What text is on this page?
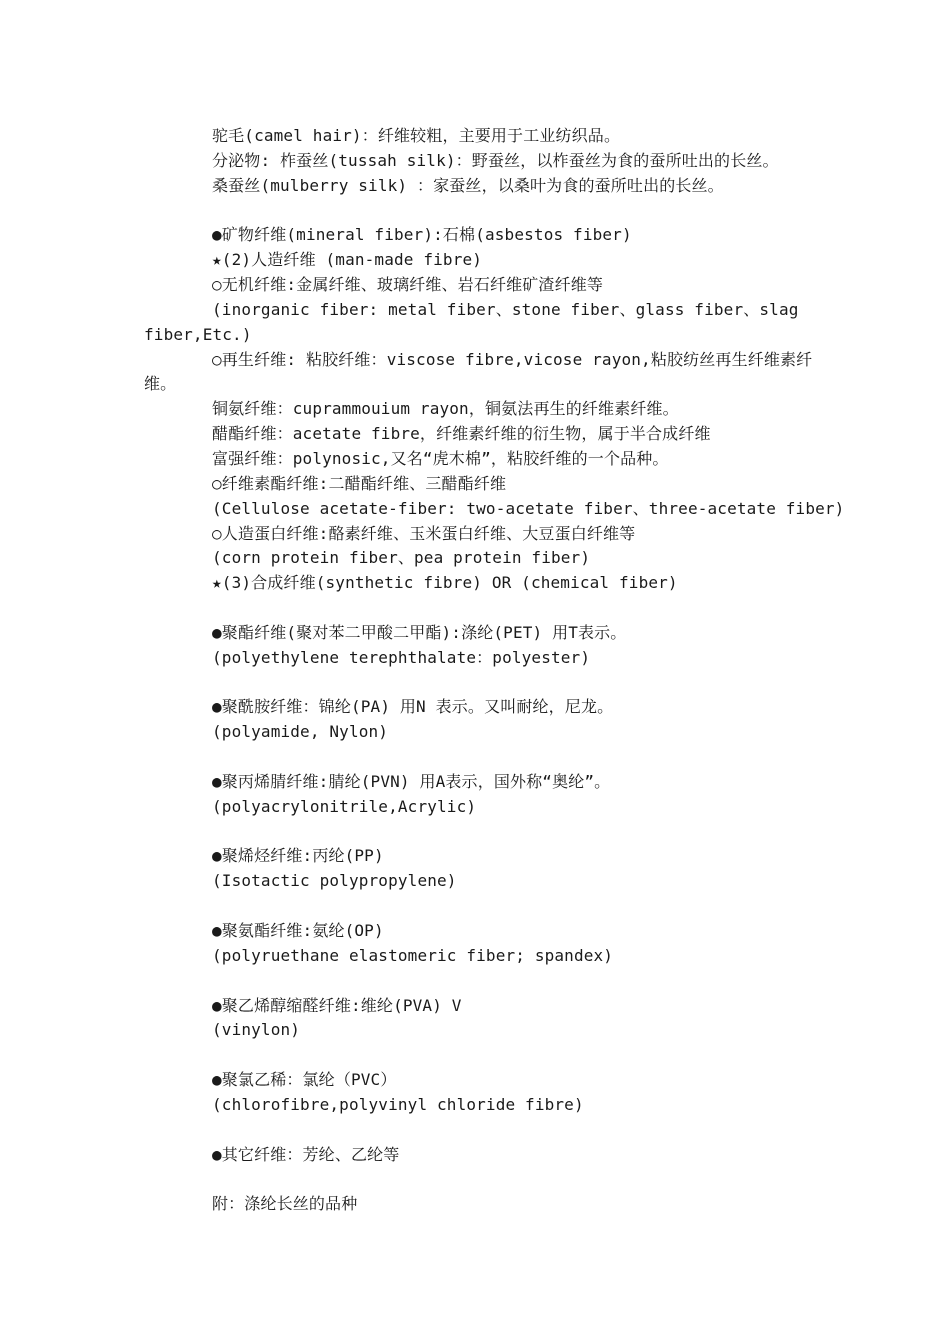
驼毛(camel hair)：纤维较粗，主要用于工业纺织品。
分泌物: 柞蚕丝(tussah silk)：野蚕丝，以柞蚕丝为食的蚕所吐出的长丝。
桑蚕丝(mulberry silk) ：家蚕丝，以桑叶为食的蚕所吐出的长丝。
●矿物纤维(mineral fiber):石棉(asbestos fiber)
★(2)人造纤维 (man-made fibre)
○无机纤维:金属纤维、玻璃纤维、岩石纤维矿渣纤维等
(inorganic fiber: metal fiber、stone fiber、glass fiber、slag
fiber,Etc.)
○再生纤维: 粘胶纤维：viscose fibre,vicose rayon,粘胶纺丝再生纤维素纤
维。
铜氨纤维：cuprammouium rayon，铜氨法再生的纤维素纤维。
醋酯纤维：acetate fibre，纤维素纤维的衍生物，属于半合成纤维
富强纤维：polynosic,又名“虎木棉”，粘胶纤维的一个品种。
○纤维素酯纤维:二醋酯纤维、三醋酯纤维
(Cellulose acetate-fiber: two-acetate fiber、three-acetate fiber)
○人造蛋白纤维:酪素纤维、玉米蛋白纤维、大豆蛋白纤维等
(corn protein fiber、pea protein fiber)
★(3)合成纤维(synthetic fibre) OR (chemical fiber)
●聚酯纤维(聚对苯二甲酸二甲酯):涤纶(PET) 用T表示。
(polyethylene terephthalate：polyester)
●聚酰胺纤维：锦纶(PA) 用N 表示。又叫耐纶，尼龙。
(polyamide, Nylon)
●聚丙烯腈纤维:腈纶(PVN) 用A表示，国外称“奥纶”。
(polyacrylonitrile,Acrylic)
●聚烯烃纤维:丙纶(PP)
(Isotactic polypropylene)
●聚氨酯纤维:氨纶(OP)
(polyruethane elastomeric fiber; spandex)
●聚乙烯醇缩醛纤维:维纶(PVA) V
(vinylon)
●聚氯乙稀：氯纶（PVC）
(chlorofibre,polyvinyl chloride fibre)
●其它纤维：芳纶、乙纶等
附：涤纶长丝的品种
